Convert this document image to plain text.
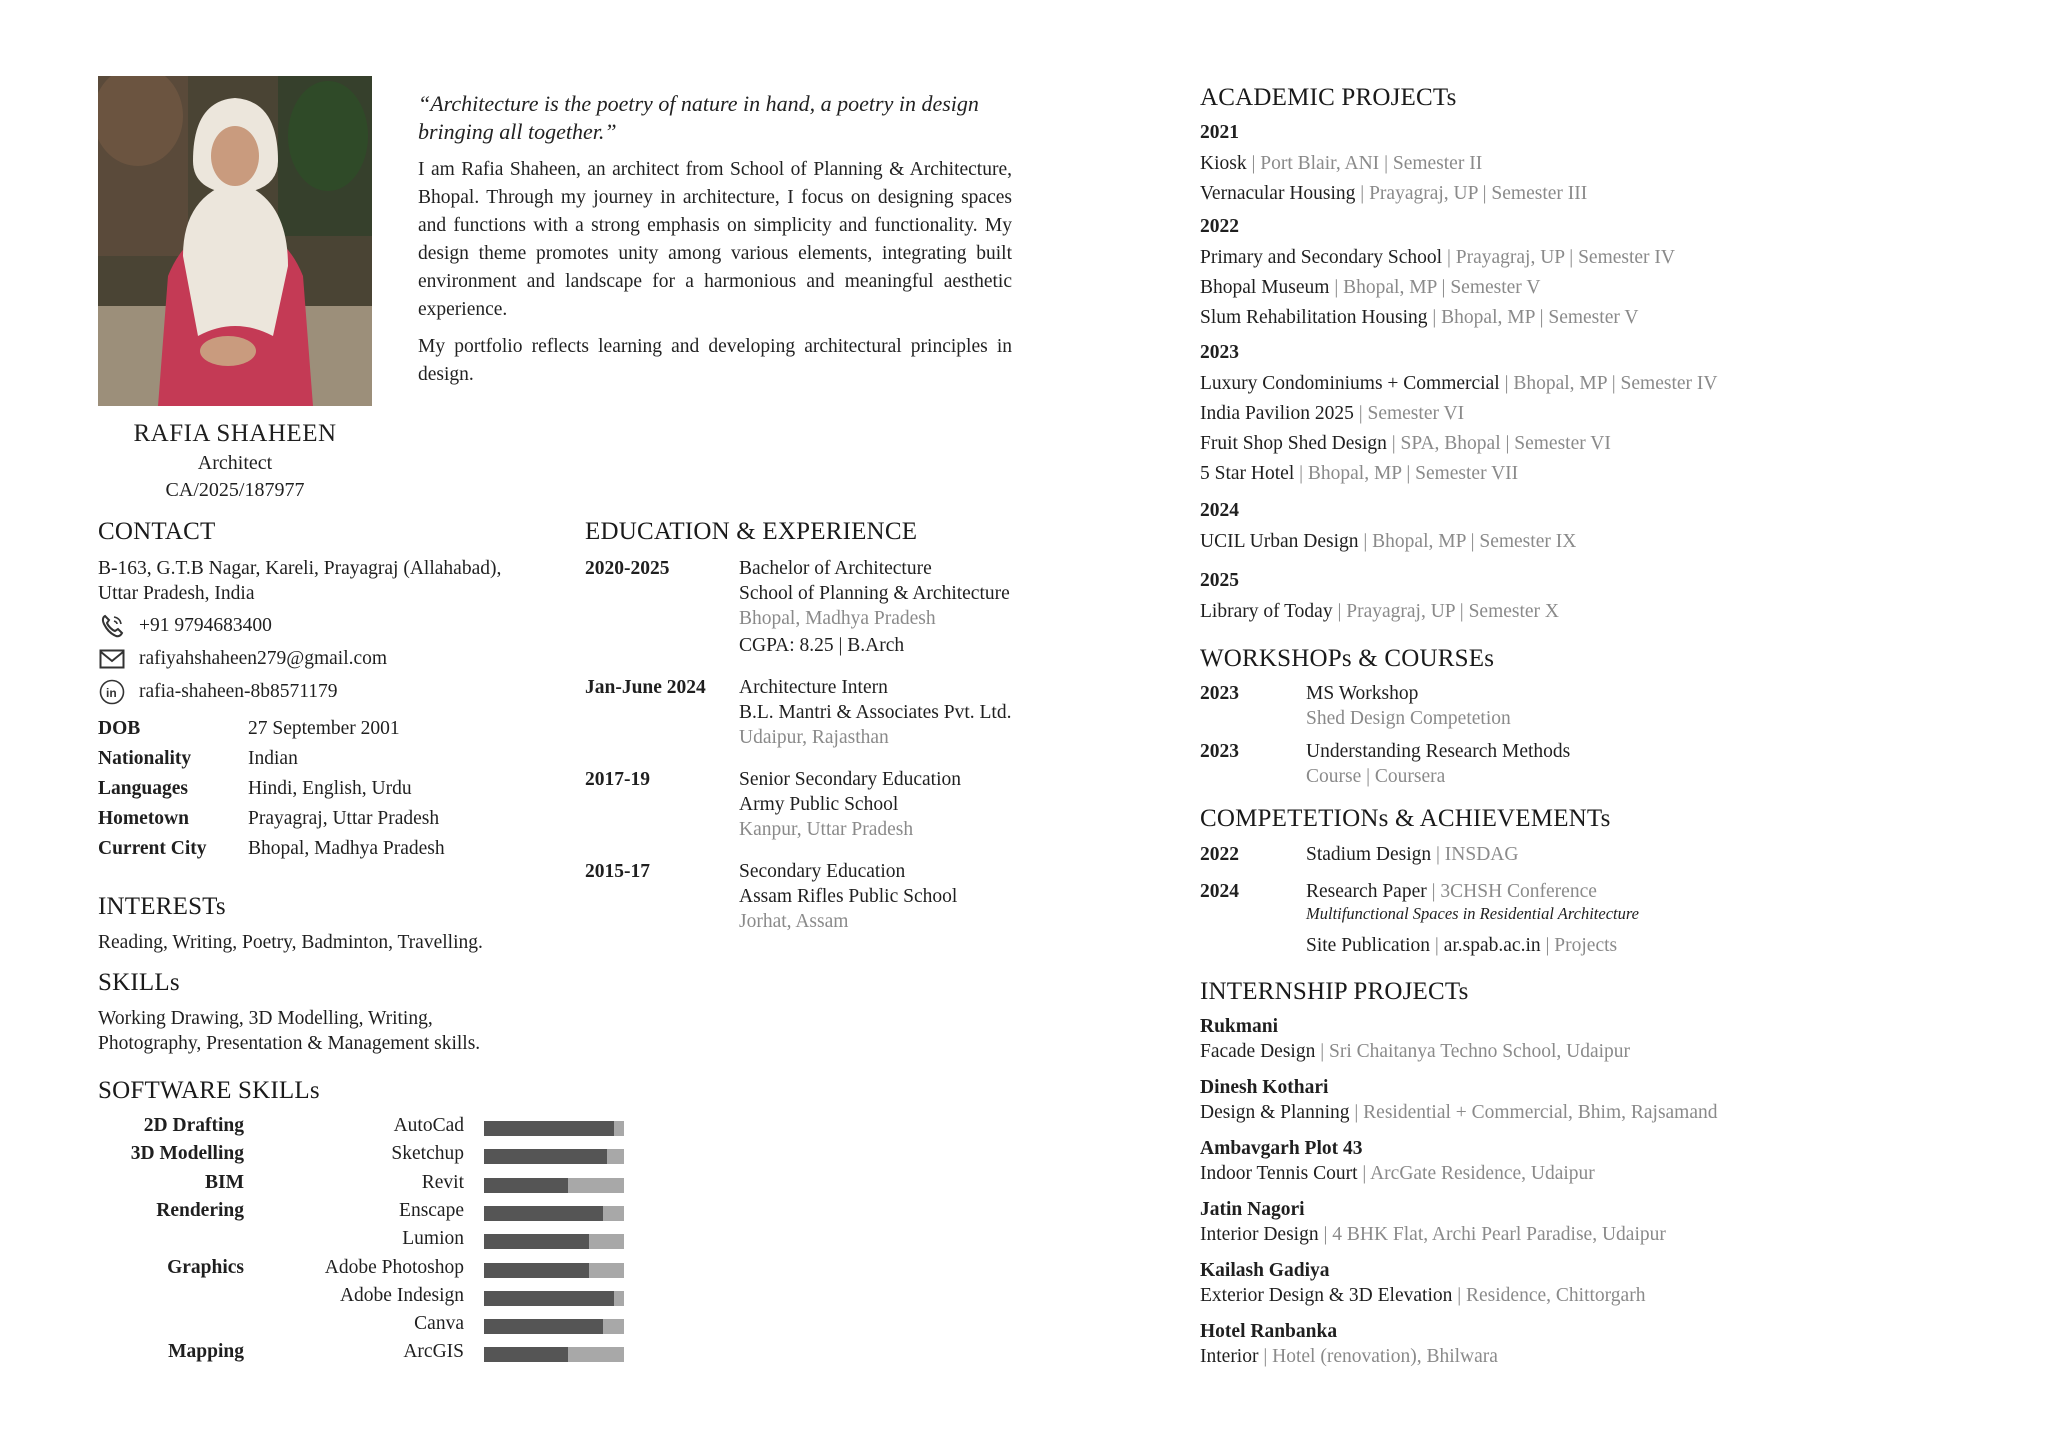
“Architecture is the poetry of nature in hand, a poetry in design bringing all together.”

I am Rafia Shaheen, an architect from School of Planning & Architecture, Bhopal. Through my journey in architecture, I focus on designing spaces and functions with a strong emphasis on simplicity and functionality. My design theme promotes unity among various elements, integrating built environment and landscape for a harmonious and meaningful aesthetic experience.

My portfolio reflects learning and developing architectural principles in design.

RAFIA SHAHEEN
Architect
CA/2025/187977
CONTACT
B-163, G.T.B Nagar, Kareli, Prayagraj (Allahabad),
Uttar Pradesh, India
+91 9794683400
rafiyahshaheen279@gmail.com
in rafia-shaheen-8b8571179
DOB	27 September 2001
Nationality	Indian
Languages	Hindi, English, Urdu
Hometown	Prayagraj, Uttar Pradesh
Current City	Bhopal, Madhya Pradesh
INTERESTs
Reading, Writing, Poetry, Badminton, Travelling.
SKILLs
Working Drawing, 3D Modelling, Writing,
Photography, Presentation & Management skills.
SOFTWARE SKILLs
2D Drafting	AutoCad
3D Modelling	Sketchup
BIM	Revit
Rendering	Enscape
Lumion
Graphics	Adobe Photoshop
Adobe Indesign
Canva
Mapping	ArcGIS
EDUCATION & EXPERIENCE
2020-2025	Bachelor of Architecture
School of Planning & Architecture
Bhopal, Madhya Pradesh
CGPA: 8.25 | B.Arch
Jan-June 2024	Architecture Intern
B.L. Mantri & Associates Pvt. Ltd.
Udaipur, Rajasthan
2017-19	Senior Secondary Education
Army Public School
Kanpur, Uttar Pradesh
2015-17	Secondary Education
Assam Rifles Public School
Jorhat, Assam
ACADEMIC PROJECTs
2021
Kiosk | Port Blair, ANI | Semester II
Vernacular Housing | Prayagraj, UP | Semester III
2022
Primary and Secondary School | Prayagraj, UP | Semester IV
Bhopal Museum | Bhopal, MP | Semester V
Slum Rehabilitation Housing | Bhopal, MP | Semester V
2023
Luxury Condominiums + Commercial | Bhopal, MP | Semester IV
India Pavilion 2025 | Semester VI
Fruit Shop Shed Design | SPA, Bhopal | Semester VI
5 Star Hotel | Bhopal, MP | Semester VII
2024
UCIL Urban Design | Bhopal, MP | Semester IX
2025
Library of Today | Prayagraj, UP | Semester X
WORKSHOPs & COURSEs
2023	MS Workshop
Shed Design Competetion
2023	Understanding Research Methods
Course | Coursera
COMPETETIONs & ACHIEVEMENTs
2022	Stadium Design | INSDAG
2024	Research Paper | 3CHSH Conference
Multifunctional Spaces in Residential Architecture
Site Publication | ar.spab.ac.in | Projects
INTERNSHIP PROJECTs
Rukmani
Facade Design | Sri Chaitanya Techno School, Udaipur
Dinesh Kothari
Design & Planning | Residential + Commercial, Bhim, Rajsamand
Ambavgarh Plot 43
Indoor Tennis Court | ArcGate Residence, Udaipur
Jatin Nagori
Interior Design | 4 BHK Flat, Archi Pearl Paradise, Udaipur
Kailash Gadiya
Exterior Design & 3D Elevation | Residence, Chittorgarh
Hotel Ranbanka
Interior | Hotel (renovation), Bhilwara
